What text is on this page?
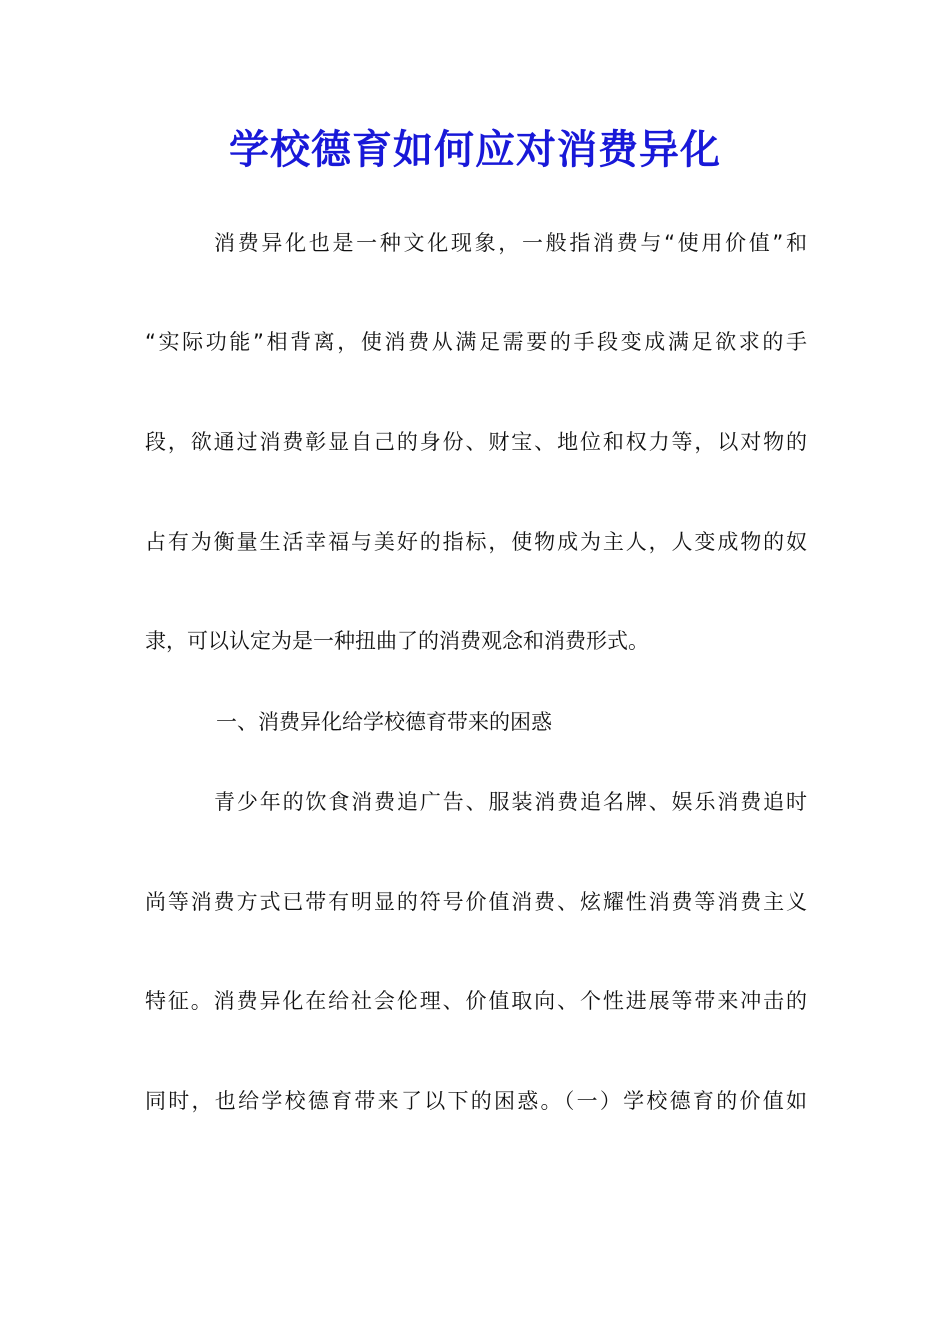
学校德育如何应对消费异化
消费异化也是一种文化现象，一般指消费与“使用价值”和
“实际功能”相背离，使消费从满足需要的手段变成满足欲求的手
段，欲通过消费彰显自己的身份、财宝、地位和权力等，以对物的
占有为衡量生活幸福与美好的指标，使物成为主人，人变成物的奴
隶，可以认定为是一种扭曲了的消费观念和消费形式。
一、消费异化给学校德育带来的困惑
青少年的饮食消费追广告、服装消费追名牌、娱乐消费追时
尚等消费方式已带有明显的符号价值消费、炫耀性消费等消费主义
特征。消费异化在给社会伦理、价值取向、个性进展等带来冲击的
同时，也给学校德育带来了以下的困惑。（一）学校德育的价值如
